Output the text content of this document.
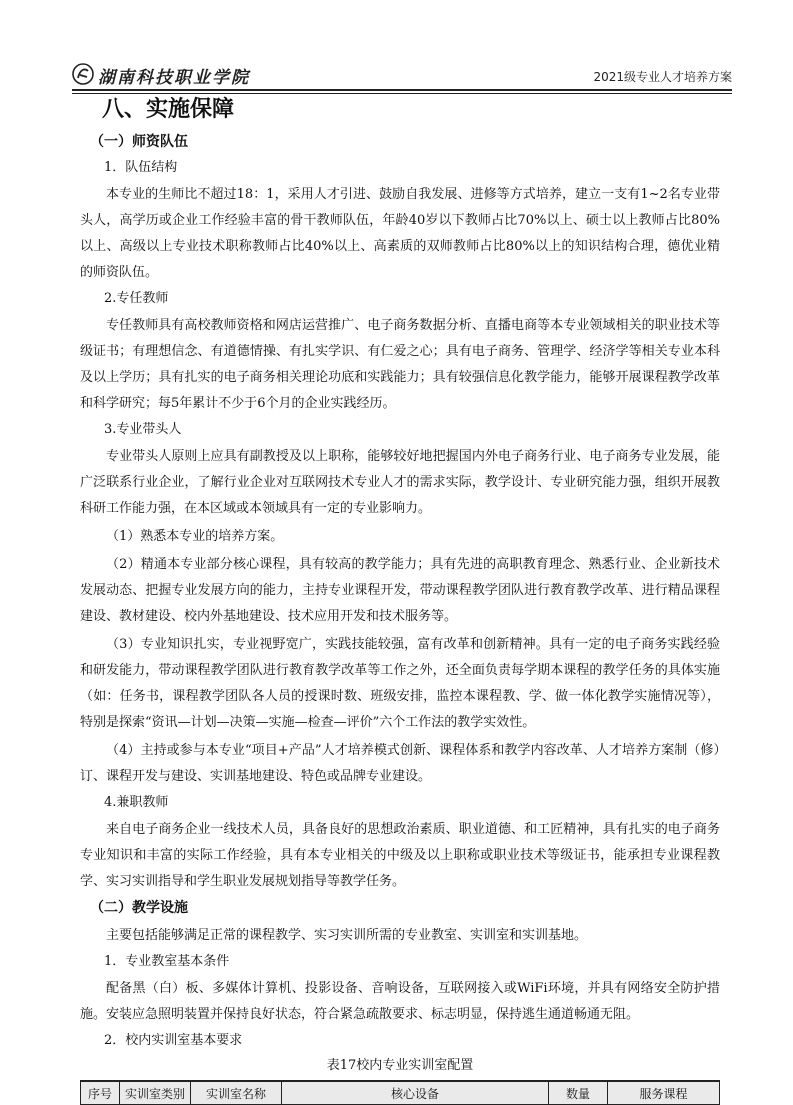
湖南科技职业学院	2021级专业人才培养方案
八、实施保障
（一）师资队伍
1．队伍结构

本专业的生师比不超过18：1，采用人才引进、鼓励自我发展、进修等方式培养，建立一支有1~2名专业带头人，高学历或企业工作经验丰富的骨干教师队伍，年龄40岁以下教师占比70%以上、硕士以上教师占比80%以上、高级以上专业技术职称教师占比40%以上、高素质的双师教师占比80%以上的知识结构合理，德优业精的师资队伍。

2.专任教师

专任教师具有高校教师资格和网店运营推广、电子商务数据分析、直播电商等本专业领域相关的职业技术等级证书；有理想信念、有道德情操、有扎实学识、有仁爱之心；具有电子商务、管理学、经济学等相关专业本科及以上学历；具有扎实的电子商务相关理论功底和实践能力；具有较强信息化教学能力，能够开展课程教学改革和科学研究；每5年累计不少于6个月的企业实践经历。

3.专业带头人

专业带头人原则上应具有副教授及以上职称，能够较好地把握国内外电子商务行业、电子商务专业发展，能广泛联系行业企业，了解行业企业对互联网技术专业人才的需求实际，教学设计、专业研究能力强，组织开展教科研工作能力强，在本区域或本领域具有一定的专业影响力。

（1）熟悉本专业的培养方案。

（2）精通本专业部分核心课程，具有较高的教学能力；具有先进的高职教育理念、熟悉行业、企业新技术发展动态、把握专业发展方向的能力，主持专业课程开发，带动课程教学团队进行教育教学改革、进行精品课程建设、教材建设、校内外基地建设、技术应用开发和技术服务等。

（3）专业知识扎实，专业视野宽广，实践技能较强，富有改革和创新精神。具有一定的电子商务实践经验和研发能力，带动课程教学团队进行教育教学改革等工作之外，还全面负责每学期本课程的教学任务的具体实施（如：任务书，课程教学团队各人员的授课时数、班级安排，监控本课程教、学、做一体化教学实施情况等），特别是探索“资讯—计划—决策—实施—检查—评价”六个工作法的教学实效性。

（4）主持或参与本专业“项目+产品”人才培养模式创新、课程体系和教学内容改革、人才培养方案制（修）订、课程开发与建设、实训基地建设、特色或品牌专业建设。

4.兼职教师

来自电子商务企业一线技术人员，具备良好的思想政治素质、职业道德、和工匠精神，具有扎实的电子商务专业知识和丰富的实际工作经验，具有本专业相关的中级及以上职称或职业技术等级证书，能承担专业课程教学、实习实训指导和学生职业发展规划指导等教学任务。

（二）教学设施

主要包括能够满足正常的课程教学、实习实训所需的专业教室、实训室和实训基地。

1．专业教室基本条件

配备黑（白）板、多媒体计算机、投影设备、音响设备，互联网接入或WiFi环境，并具有网络安全防护措施。安装应急照明装置并保持良好状态，符合紧急疏散要求、标志明显，保持逃生通道畅通无阻。

2．校内实训室基本要求
表17校内专业实训室配置
序号	实训室类别	实训室名称	核心设备	数量	服务课程
